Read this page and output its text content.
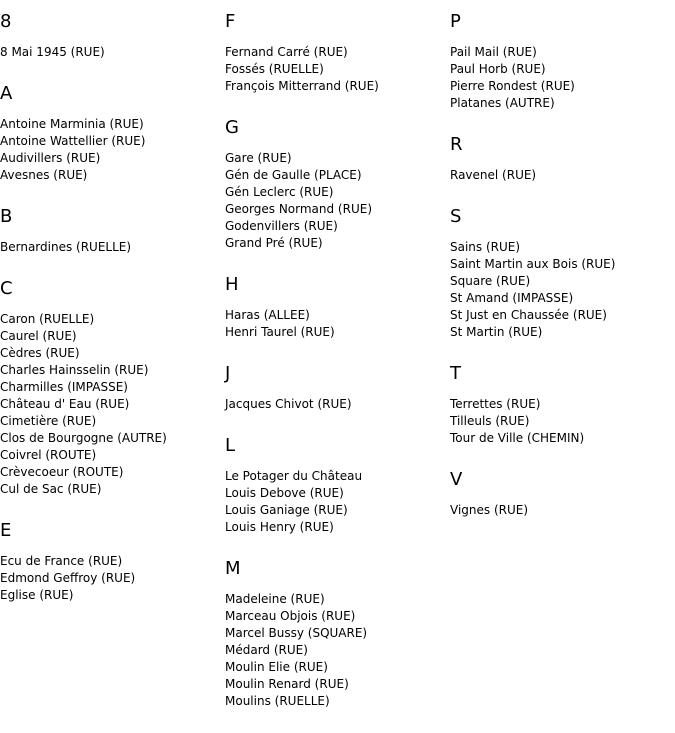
8
8 Mai 1945 (RUE)
A
Antoine Marminia (RUE)
Antoine Wattellier (RUE)
Audivillers (RUE)
Avesnes (RUE)
B
Bernardines (RUELLE)
C
Caron (RUELLE)
Caurel (RUE)
Cèdres (RUE)
Charles Hainsselin (RUE)
Charmilles (IMPASSE)
Château d' Eau (RUE)
Cimetière (RUE)
Clos de Bourgogne (AUTRE)
Coivrel (ROUTE)
Crèvecoeur (ROUTE)
Cul de Sac (RUE)
E
Ecu de France (RUE)
Edmond Geffroy (RUE)
Eglise (RUE)
F
Fernand Carré (RUE)
Fossés (RUELLE)
François Mitterrand (RUE)
G
Gare (RUE)
Gén de Gaulle (PLACE)
Gén Leclerc (RUE)
Georges Normand (RUE)
Godenvillers (RUE)
Grand Pré (RUE)
H
Haras (ALLEE)
Henri Taurel (RUE)
J
Jacques Chivot (RUE)
L
Le Potager du Château
Louis Debove (RUE)
Louis Ganiage (RUE)
Louis Henry (RUE)
M
Madeleine (RUE)
Marceau Objois (RUE)
Marcel Bussy (SQUARE)
Médard (RUE)
Moulin Elie (RUE)
Moulin Renard (RUE)
Moulins (RUELLE)
P
Pail Mail (RUE)
Paul Horb (RUE)
Pierre Rondest (RUE)
Platanes (AUTRE)
R
Ravenel (RUE)
S
Sains (RUE)
Saint Martin aux Bois (RUE)
Square (RUE)
St Amand (IMPASSE)
St Just en Chaussée (RUE)
St Martin (RUE)
T
Terrettes (RUE)
Tilleuls (RUE)
Tour de Ville (CHEMIN)
V
Vignes (RUE)
